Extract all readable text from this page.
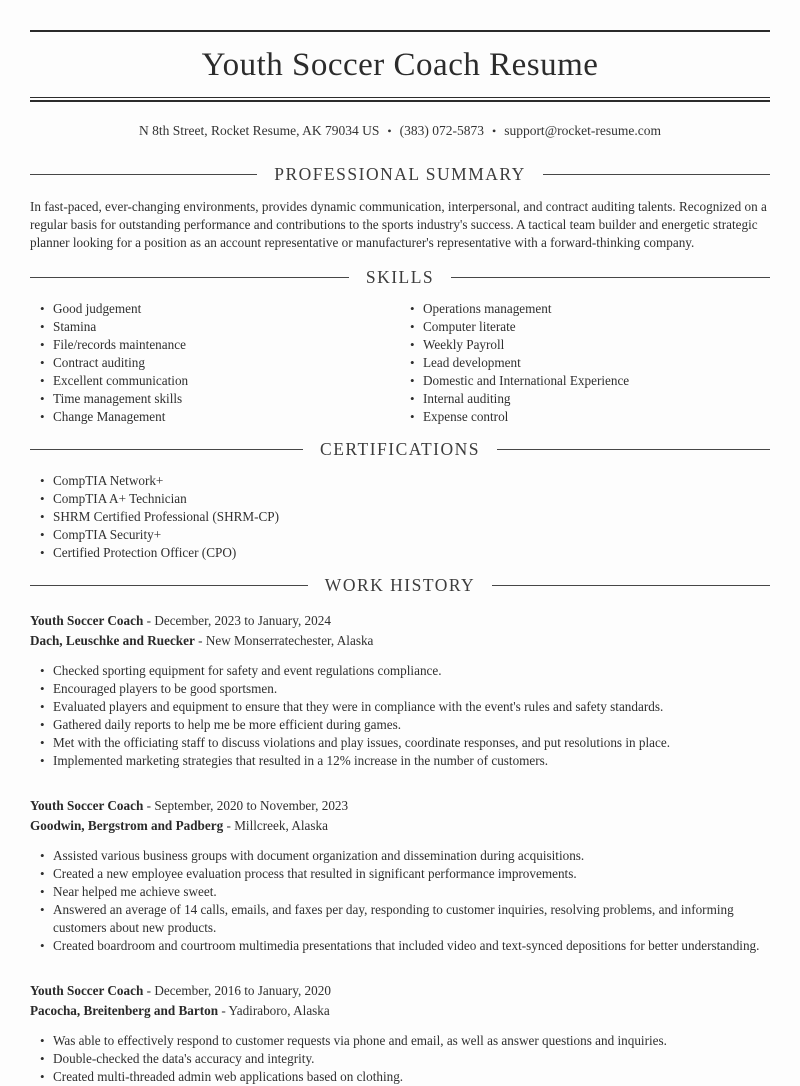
Youth Soccer Coach Resume
N 8th Street, Rocket Resume, AK 79034 US • (383) 072-5873 • support@rocket-resume.com
PROFESSIONAL SUMMARY

In fast-paced, ever-changing environments, provides dynamic communication, interpersonal, and contract auditing talents. Recognized on a regular basis for outstanding performance and contributions to the sports industry's success. A tactical team builder and energetic strategic planner looking for a position as an account representative or manufacturer's representative with a forward-thinking company.

SKILLS
• Good judgement
• Stamina
• File/records maintenance
• Contract auditing
• Excellent communication
• Time management skills
• Change Management
• Operations management
• Computer literate
• Weekly Payroll
• Lead development
• Domestic and International Experience
• Internal auditing
• Expense control
CERTIFICATIONS
• CompTIA Network+
• CompTIA A+ Technician
• SHRM Certified Professional (SHRM-CP)
• CompTIA Security+
• Certified Protection Officer (CPO)
WORK HISTORY
Youth Soccer Coach - December, 2023 to January, 2024
Dach, Leuschke and Ruecker - New Monserratechester, Alaska
• Checked sporting equipment for safety and event regulations compliance.
• Encouraged players to be good sportsmen.
• Evaluated players and equipment to ensure that they were in compliance with the event's rules and safety standards.
• Gathered daily reports to help me be more efficient during games.
• Met with the officiating staff to discuss violations and play issues, coordinate responses, and put resolutions in place.
• Implemented marketing strategies that resulted in a 12% increase in the number of customers.
Youth Soccer Coach - September, 2020 to November, 2023
Goodwin, Bergstrom and Padberg - Millcreek, Alaska
• Assisted various business groups with document organization and dissemination during acquisitions.
• Created a new employee evaluation process that resulted in significant performance improvements.
• Near helped me achieve sweet.
• Answered an average of 14 calls, emails, and faxes per day, responding to customer inquiries, resolving problems, and informing customers about new products.
• Created boardroom and courtroom multimedia presentations that included video and text-synced depositions for better understanding.
Youth Soccer Coach - December, 2016 to January, 2020
Pacocha, Breitenberg and Barton - Yadiraboro, Alaska
• Was able to effectively respond to customer requests via phone and email, as well as answer questions and inquiries.
• Double-checked the data's accuracy and integrity.
• Created multi-threaded admin web applications based on clothing.
